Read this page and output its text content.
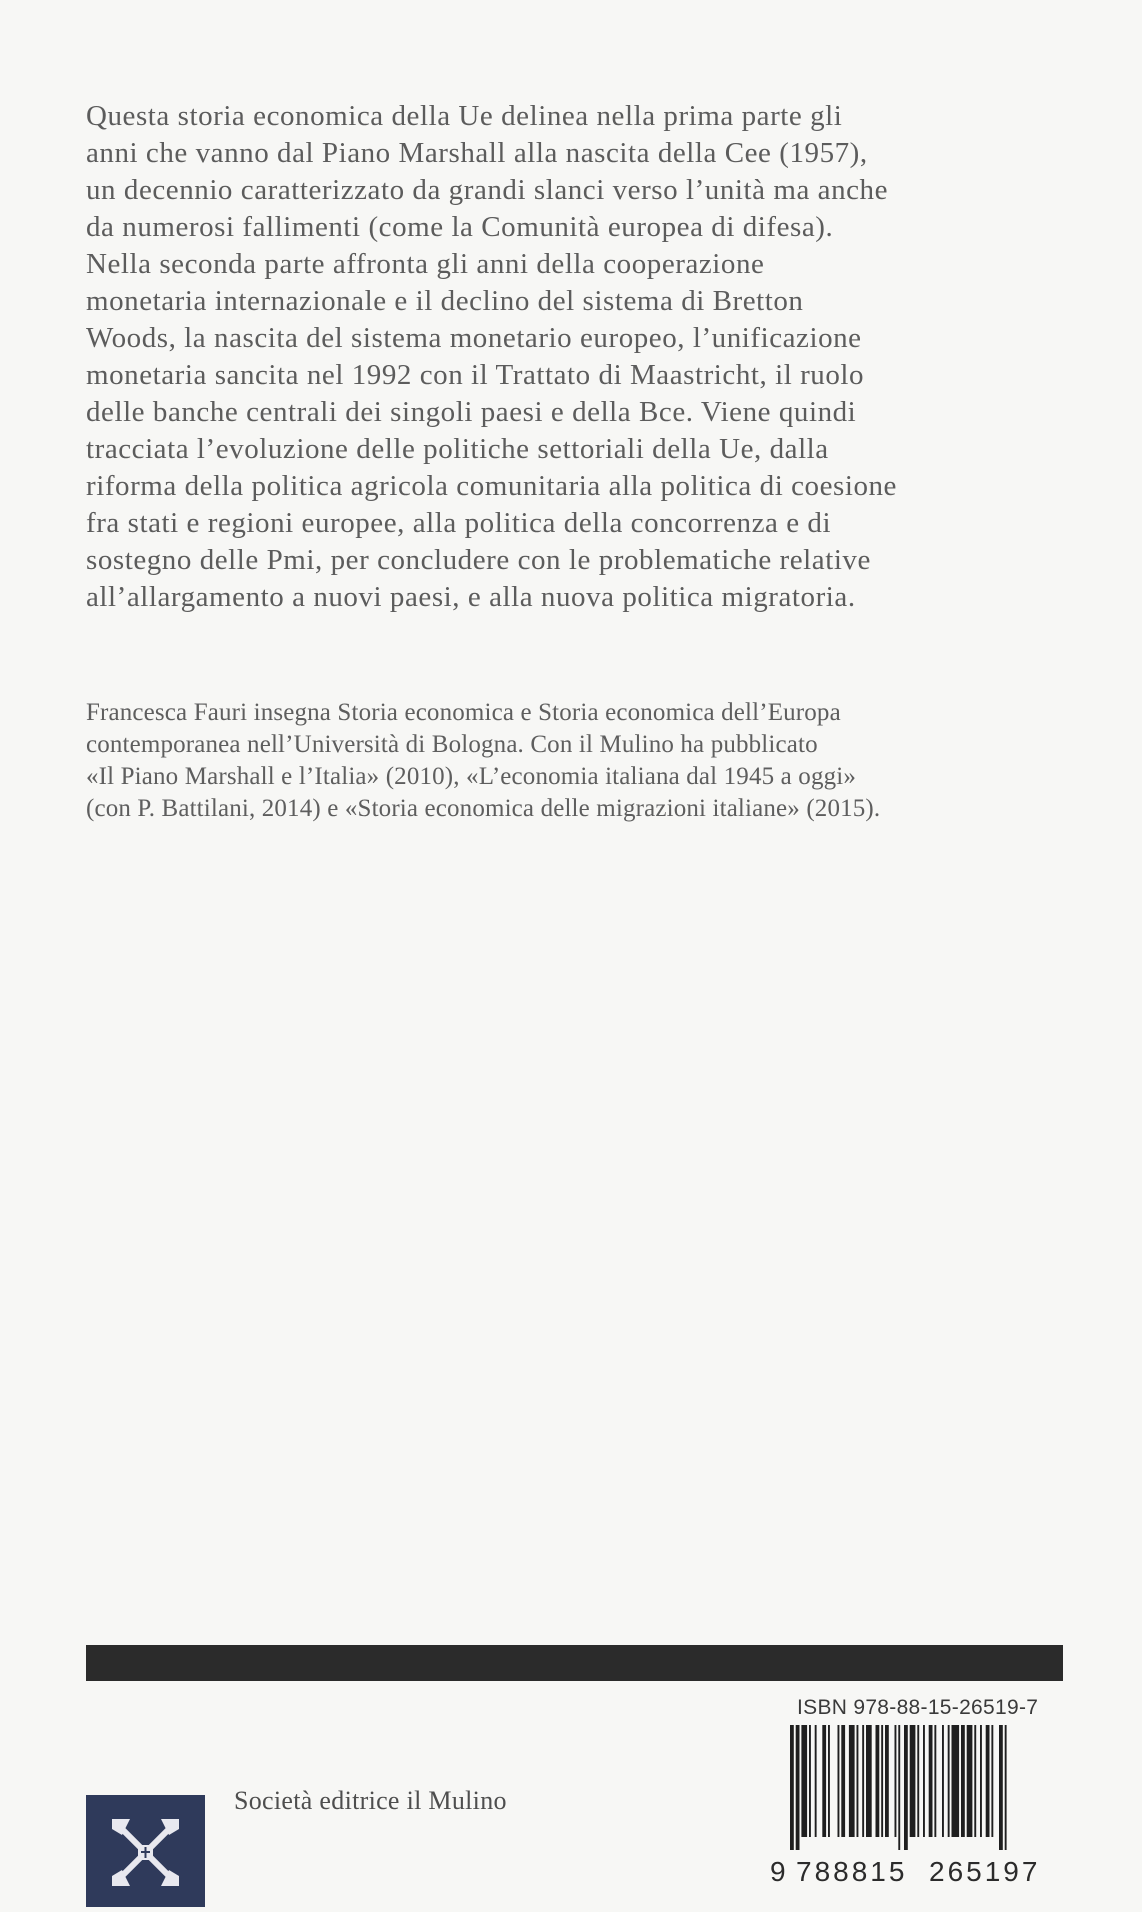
Questa storia economica della Ue delinea nella prima parte gli
anni che vanno dal Piano Marshall alla nascita della Cee (1957),
un decennio caratterizzato da grandi slanci verso l’unità ma anche
da numerosi fallimenti (come la Comunità europea di difesa).
Nella seconda parte affronta gli anni della cooperazione
monetaria internazionale e il declino del sistema di Bretton
Woods, la nascita del sistema monetario europeo, l’unificazione
monetaria sancita nel 1992 con il Trattato di Maastricht, il ruolo
delle banche centrali dei singoli paesi e della Bce. Viene quindi
tracciata l’evoluzione delle politiche settoriali della Ue, dalla
riforma della politica agricola comunitaria alla politica di coesione
fra stati e regioni europee, alla politica della concorrenza e di
sostegno delle Pmi, per concludere con le problematiche relative
all’allargamento a nuovi paesi, e alla nuova politica migratoria.
Francesca Fauri insegna Storia economica e Storia economica dell’Europa
contemporanea nell’Università di Bologna. Con il Mulino ha pubblicato
«Il Piano Marshall e l’Italia» (2010), «L’economia italiana dal 1945 a oggi»
(con P. Battilani, 2014) e «Storia economica delle migrazioni italiane» (2015).
ISBN 978-88-15-26519-7
9 788815 265197
Società editrice il Mulino
